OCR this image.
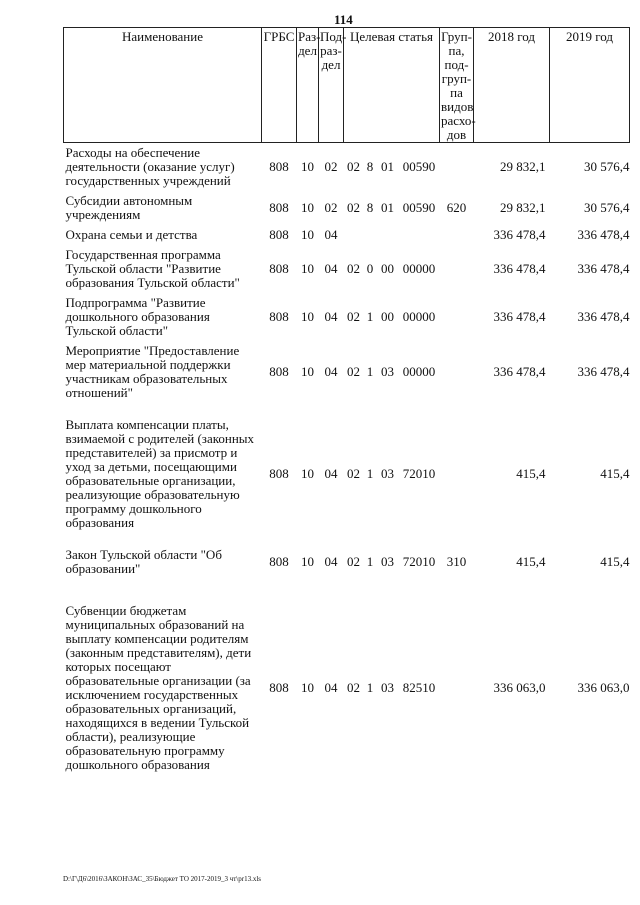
114
Наименование	ГРБС	Раз- дел	Под- раз- дел	Целевая статья				Груп- па, под- груп- па видов расхо- дов	2018 год	2019 год
Расходы на обеспечение деятельности (оказание услуг) государственных учреждений	808	10	02	02	8	01	00590		29 832,1	30 576,4
Субсидии автономным учреждениям	808	10	02	02	8	01	00590	620	29 832,1	30 576,4
Охрана семьи и детства	808	10	04						336 478,4	336 478,4
Государственная программа Тульской области "Развитие образования Тульской области"	808	10	04	02	0	00	00000		336 478,4	336 478,4
Подпрограмма "Развитие дошкольного образования Тульской области"	808	10	04	02	1	00	00000		336 478,4	336 478,4
Мероприятие "Предоставление мер материальной поддержки участникам образовательных отношений"	808	10	04	02	1	03	00000		336 478,4	336 478,4

Выплата компенсации платы, взимаемой с родителей (законных представителей) за присмотр и уход за детьми, посещающими образовательные организации, реализующие образовательную программу дошкольного образования	808	10	04	02	1	03	72010		415,4	415,4

Закон Тульской области "Об образовании"	808	10	04	02	1	03	72010	310	415,4	415,4

Субвенции бюджетам муниципальных образований на выплату компенсации родителям (законным представителям), дети которых посещают образовательные организации (за исключением государственных образовательных организаций, находящихся в ведении Тульской области), реализующие образовательную программу дошкольного образования	808	10	04	02	1	03	82510		336 063,0	336 063,0
D:\Г\Д6\2016\ЗАКОН\ЗАС_35\Бюджет ТО 2017-2019_3 чт\pr13.xls
